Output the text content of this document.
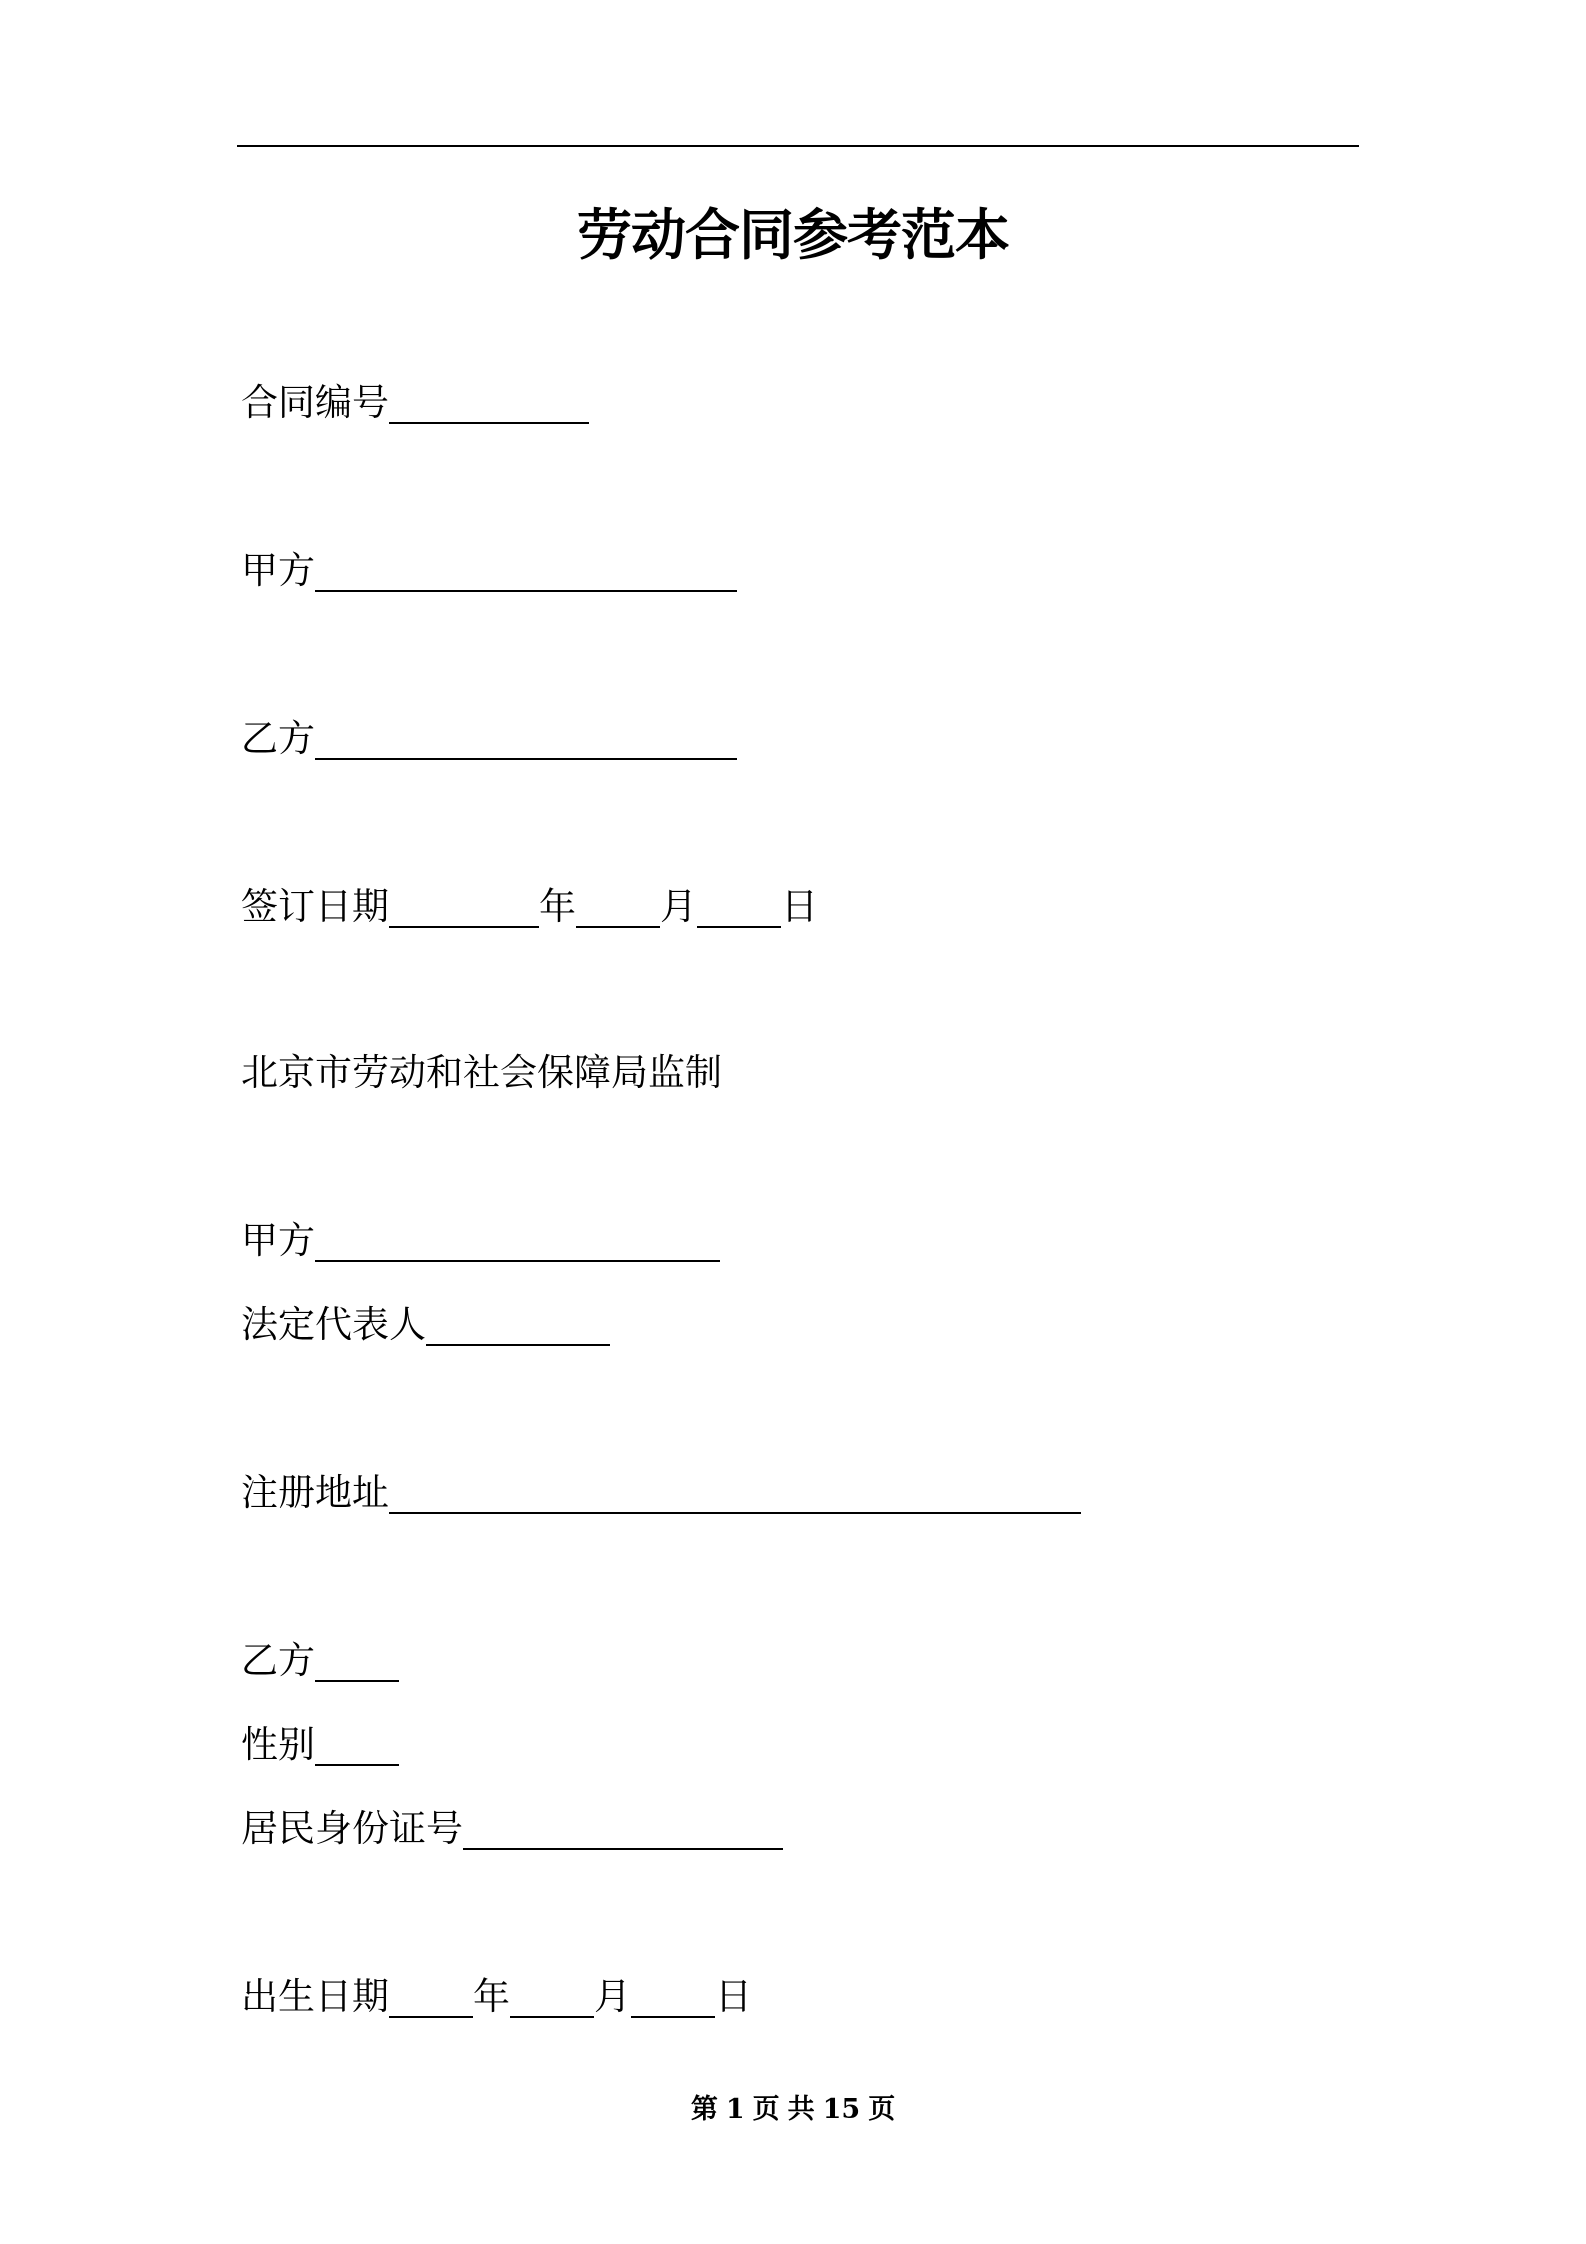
劳动合同参考范本
合同编号
甲方
乙方
签订日期	年 月 日
北京市劳动和社会保障局监制
甲方
法定代表人
注册地址
乙方
性别
居民身份证号
出生日期 年 月 日
第 1 页 共 15 页
